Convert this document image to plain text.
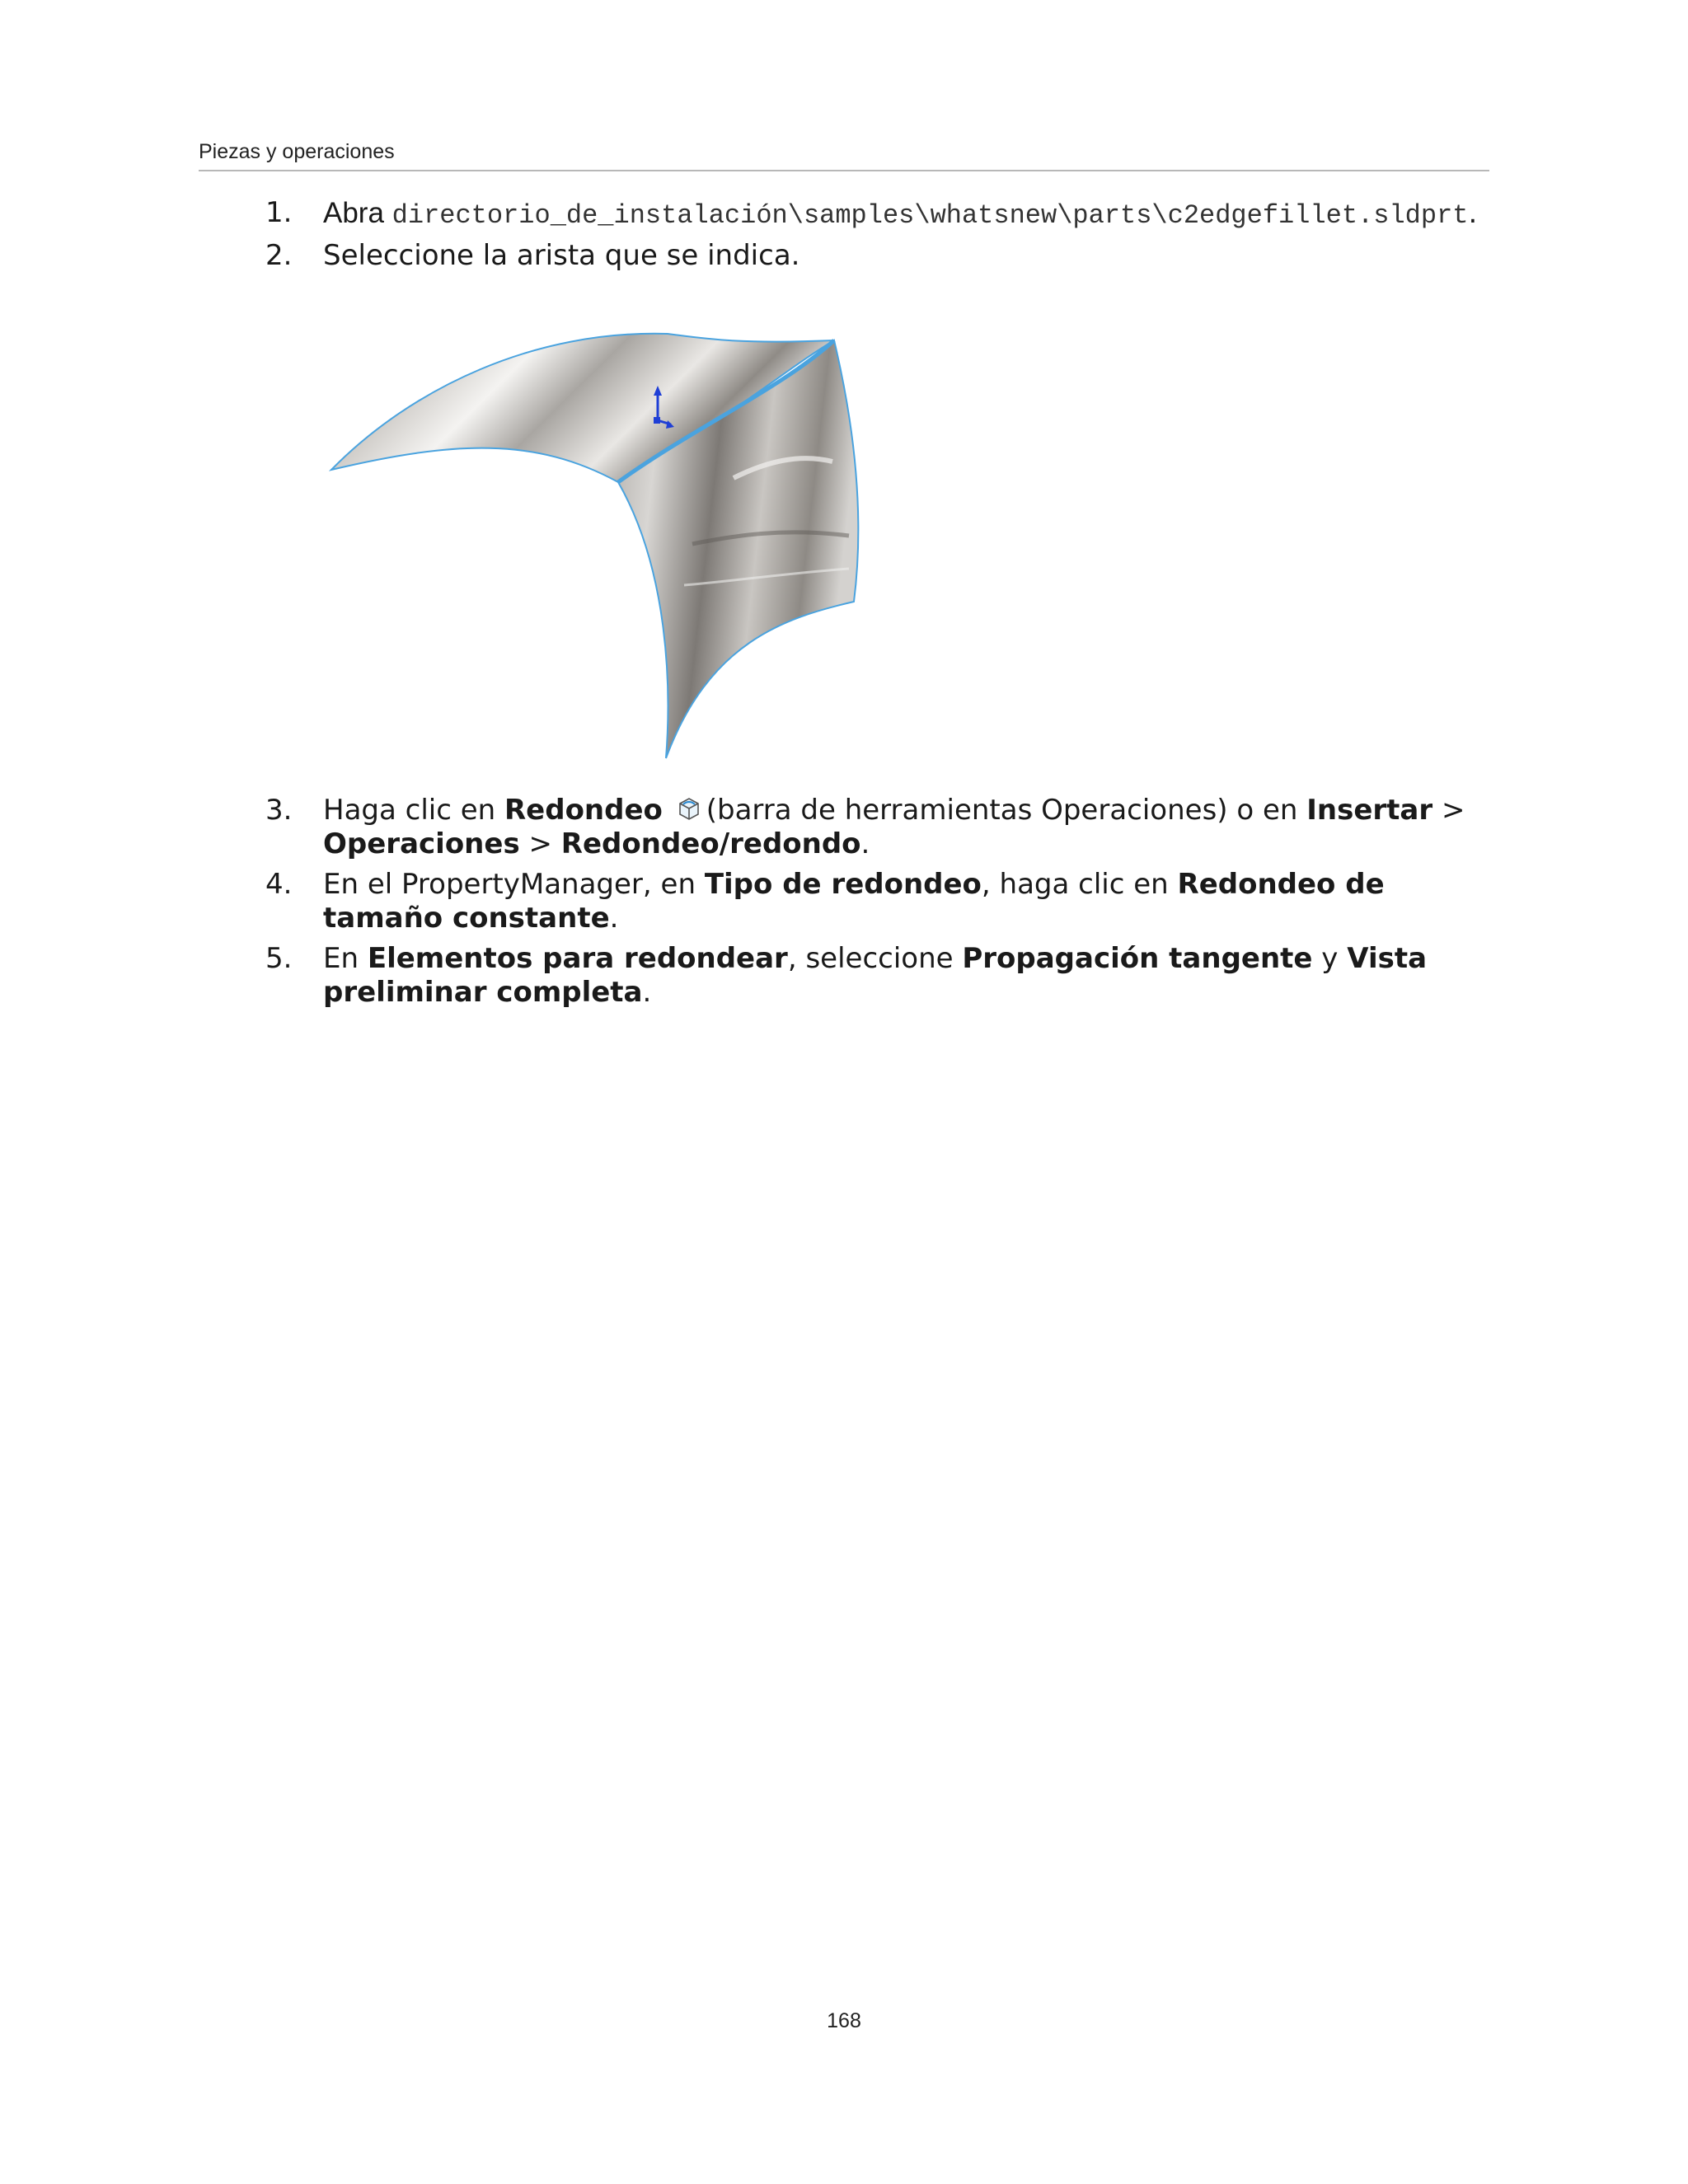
Piezas y operaciones
1.	Abra directorio_de_instalación\samples\whatsnew\parts\c2edgefillet.sldprt.
2.	Seleccione la arista que se indica.
3.	Haga clic en Redondeo (barra de herramientas Operaciones) o en Insertar >
Operaciones > Redondeo/redondo.
4.	En el PropertyManager, en Tipo de redondeo, haga clic en Redondeo de tamaño constante.
5.	En Elementos para redondear, seleccione Propagación tangente y Vista preliminar completa.
168
